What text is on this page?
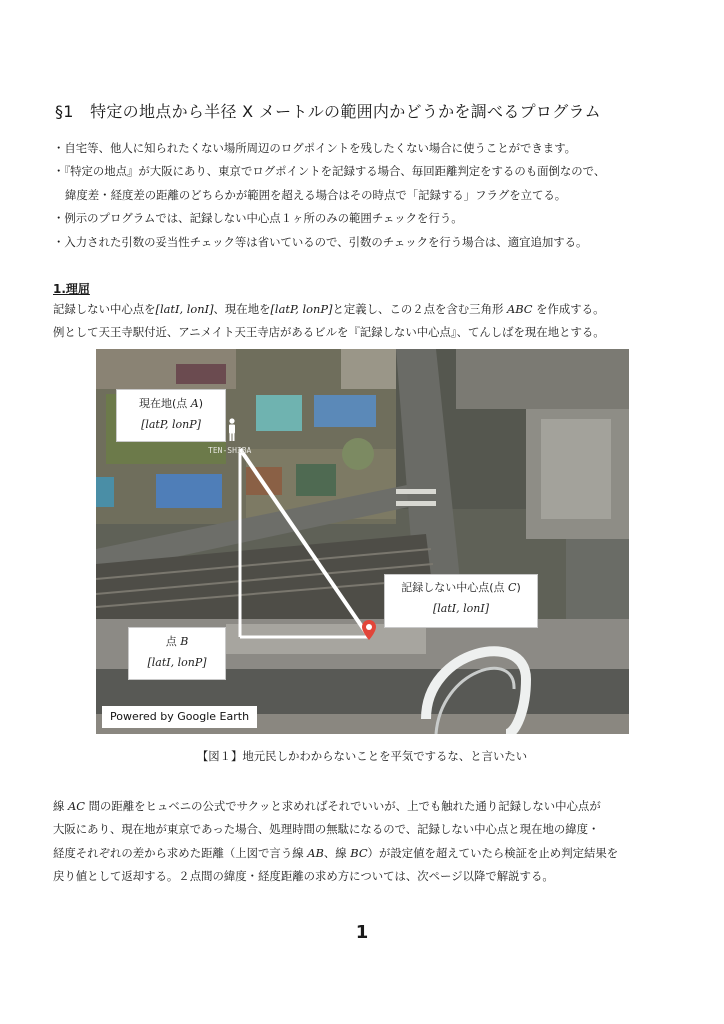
§1　特定の地点から半径 X メートルの範囲内かどうかを調べるプログラム
・自宅等、他人に知られたくない場所周辺のログポイントを残したくない場合に使うことができます。
・『特定の地点』が大阪にあり、東京でログポイントを記録する場合、毎回距離判定をするのも面倒なので、
緯度差・経度差の距離のどちらかが範囲を超える場合はその時点で「記録する」フラグを立てる。
・例示のプログラムでは、記録しない中心点１ヶ所のみの範囲チェックを行う。
・入力された引数の妥当性チェック等は省いているので、引数のチェックを行う場合は、適宜追加する。
1.理屈
記録しない中心点を[latI, lonI]、現在地を[latP, lonP]と定義し、この２点を含む三角形 ABC を作成する。
例として天王寺駅付近、アニメイト天王寺店があるビルを『記録しない中心点』、てんしばを現在地とする。
TEN-SHIBA
現在地(点 A)
[latP, lonP]
点 B
[latI, lonP]
記録しない中心点(点 C)
[latI, lonI]
Powered by Google Earth
【図１】地元民しかわからないことを平気でするな、と言いたい
線 AC 間の距離をヒュベニの公式でサクッと求めればそれでいいが、上でも触れた通り記録しない中心点が
大阪にあり、現在地が東京であった場合、処理時間の無駄になるので、記録しない中心点と現在地の緯度・
経度それぞれの差から求めた距離（上図で言う線 AB、線 BC）が設定値を超えていたら検証を止め判定結果を
戻り値として返却する。２点間の緯度・経度距離の求め方については、次ページ以降で解説する。
1
